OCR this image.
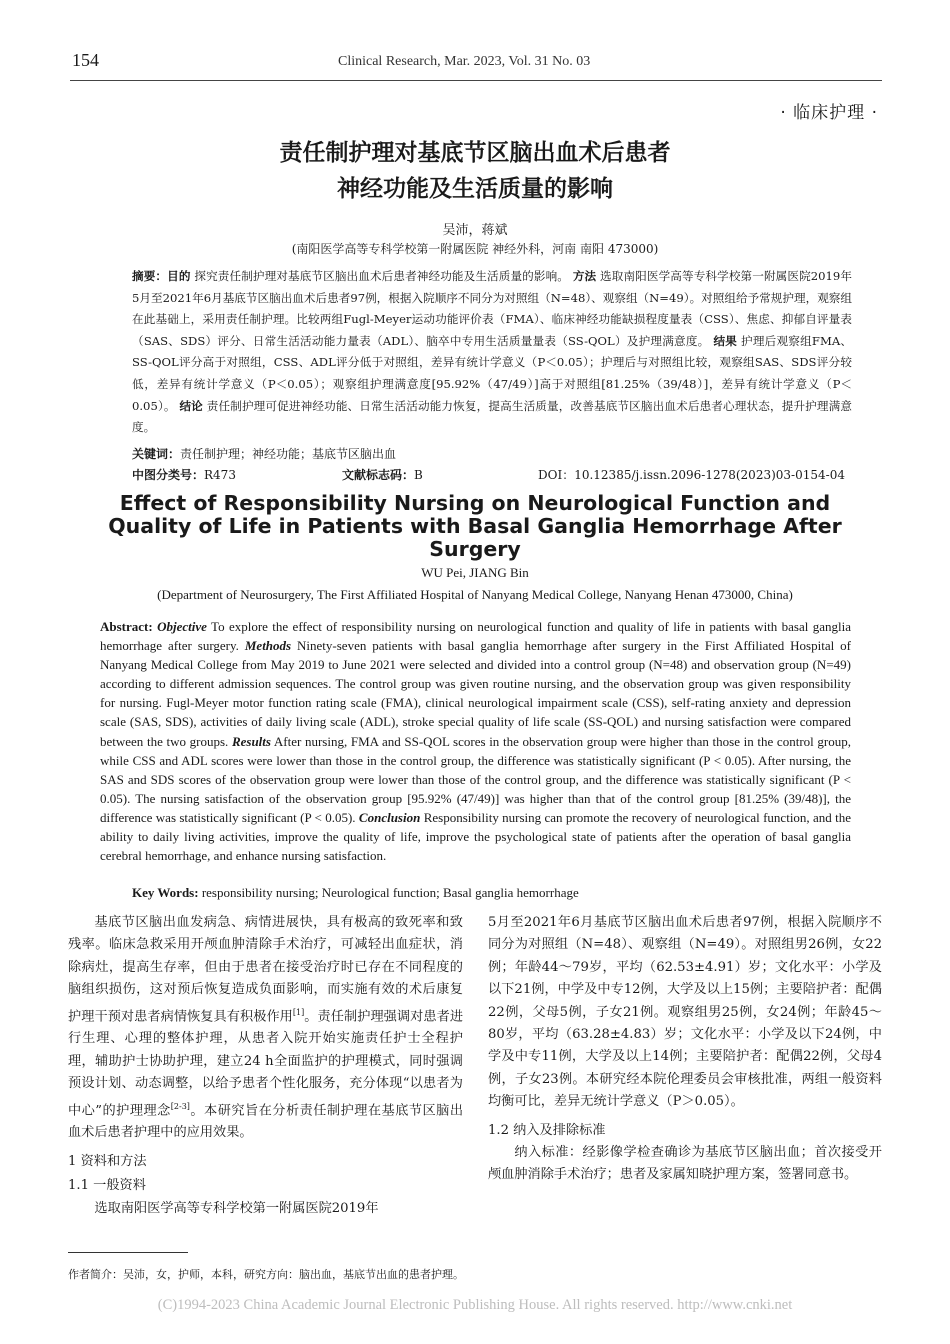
154	Clinical Research, Mar. 2023, Vol. 31 No. 03
· 临床护理 ·
责任制护理对基底节区脑出血术后患者
神经功能及生活质量的影响
吴沛，蒋斌
(南阳医学高等专科学校第一附属医院 神经外科，河南 南阳 473000)
摘要：目的 探究责任制护理对基底节区脑出血术后患者神经功能及生活质量的影响。 方法 选取南阳医学高等专科学校第一附属医院2019年5月至2021年6月基底节区脑出血术后患者97例，根据入院顺序不同分为对照组（N=48）、观察组（N=49）。对照组给予常规护理，观察组在此基础上，采用责任制护理。比较两组Fugl-Meyer运动功能评价表（FMA）、临床神经功能缺损程度量表（CSS）、焦虑、抑郁自评量表（SAS、SDS）评分、日常生活活动能力量表（ADL）、脑卒中专用生活质量量表（SS-QOL）及护理满意度。 结果 护理后观察组FMA、SS-QOL评分高于对照组，CSS、ADL评分低于对照组，差异有统计学意义（P＜0.05）；护理后与对照组比较，观察组SAS、SDS评分较低，差异有统计学意义（P＜0.05）；观察组护理满意度[95.92%（47/49）]高于对照组[81.25%（39/48）]，差异有统计学意义（P＜0.05）。 结论 责任制护理可促进神经功能、日常生活活动能力恢复，提高生活质量，改善基底节区脑出血术后患者心理状态，提升护理满意度。
关键词：责任制护理；神经功能；基底节区脑出血
中图分类号：R473	文献标志码：B	DOI：10.12385/j.issn.2096-1278(2023)03-0154-04
Effect of Responsibility Nursing on Neurological Function and
Quality of Life in Patients with Basal Ganglia Hemorrhage After
Surgery
WU Pei, JIANG Bin
(Department of Neurosurgery, The First Affiliated Hospital of Nanyang Medical College, Nanyang Henan 473000, China)
Abstract: Objective To explore the effect of responsibility nursing on neurological function and quality of life in patients with basal ganglia hemorrhage after surgery. Methods Ninety-seven patients with basal ganglia hemorrhage after surgery in the First Affiliated Hospital of Nanyang Medical College from May 2019 to June 2021 were selected and divided into a control group (N=48) and observation group (N=49) according to different admission sequences. The control group was given routine nursing, and the observation group was given responsibility for nursing. Fugl-Meyer motor function rating scale (FMA), clinical neurological impairment scale (CSS), self-rating anxiety and depression scale (SAS, SDS), activities of daily living scale (ADL), stroke special quality of life scale (SS-QOL) and nursing satisfaction were compared between the two groups. Results After nursing, FMA and SS-QOL scores in the observation group were higher than those in the control group, while CSS and ADL scores were lower than those in the control group, the difference was statistically significant (P < 0.05). After nursing, the SAS and SDS scores of the observation group were lower than those of the control group, and the difference was statistically significant (P < 0.05). The nursing satisfaction of the observation group [95.92% (47/49)] was higher than that of the control group [81.25% (39/48)], the difference was statistically significant (P < 0.05). Conclusion Responsibility nursing can promote the recovery of neurological function, and the ability to daily living activities, improve the quality of life, improve the psychological state of patients after the operation of basal ganglia cerebral hemorrhage, and enhance nursing satisfaction.
Key Words: responsibility nursing; Neurological function; Basal ganglia hemorrhage

基底节区脑出血发病急、病情进展快，具有极高的致死率和致残率。临床急救采用开颅血肿清除手术治疗，可减轻出血症状，消除病灶，提高生存率，但由于患者在接受治疗时已存在不同程度的脑组织损伤，这对预后恢复造成负面影响，而实施有效的术后康复护理干预对患者病情恢复具有积极作用[1]。责任制护理强调对患者进行生理、心理的整体护理，从患者入院开始实施责任护士全程护理，辅助护士协助护理，建立24 h全面监护的护理模式，同时强调预设计划、动态调整，以给予患者个性化服务，充分体现“以患者为中心”的护理理念[2-3]。本研究旨在分析责任制护理在基底节区脑出血术后患者护理中的应用效果。

1 资料和方法

1.1 一般资料

选取南阳医学高等专科学校第一附属医院2019年

5月至2021年6月基底节区脑出血术后患者97例，根据入院顺序不同分为对照组（N=48）、观察组（N=49）。对照组男26例，女22例；年龄44～79岁，平均（62.53±4.91）岁；文化水平：小学及以下21例，中学及中专12例，大学及以上15例；主要陪护者：配偶22例，父母5例，子女21例。观察组男25例，女24例；年龄45～80岁，平均（63.28±4.83）岁；文化水平：小学及以下24例，中学及中专11例，大学及以上14例；主要陪护者：配偶22例，父母4例，子女23例。本研究经本院伦理委员会审核批准，两组一般资料均衡可比，差异无统计学意义（P＞0.05）。

1.2 纳入及排除标准

纳入标准：经影像学检查确诊为基底节区脑出血；首次接受开颅血肿消除手术治疗；患者及家属知晓护理方案，签署同意书。

作者简介：吴沛，女，护师，本科，研究方向：脑出血，基底节出血的患者护理。
(C)1994-2023 China Academic Journal Electronic Publishing House. All rights reserved. http://www.cnki.net
